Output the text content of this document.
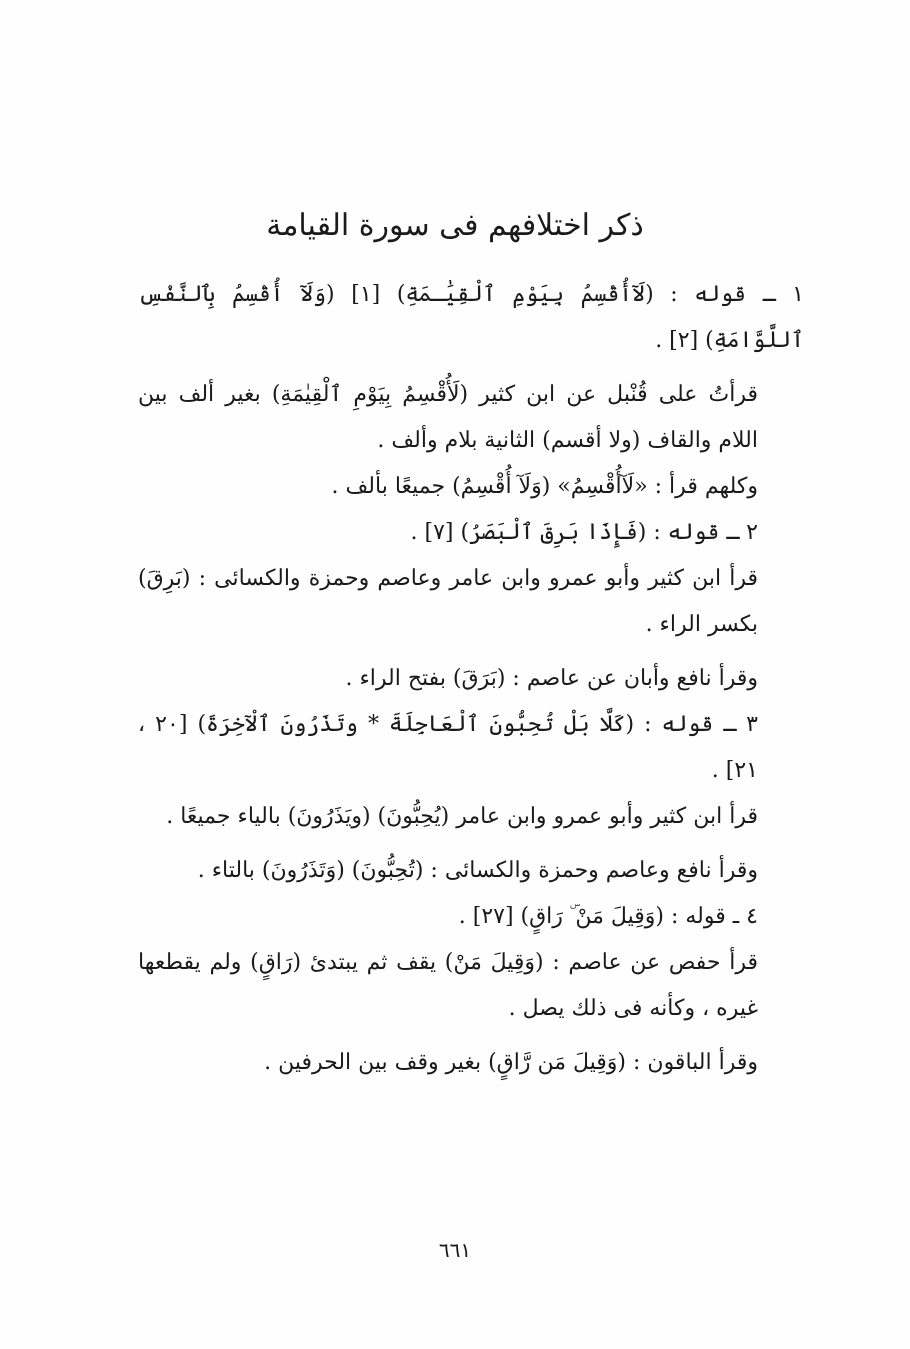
ذكر اختلافهم فى سورة القيامة

١ ـ قوله : (لَآأُقْسِمُ بِيَوْمِ ٱلْقِيَٰـمَةِ) [١] (وَلَآ أُقْسِمُ بِٱلنَّفْسِ ٱللَّوَّامَةِ) [٢] .

قرأتُ على قُنْبل عن ابن كثير (لَأُقْسِمُ بِيَوْمِ ٱلْقِيٰمَةِ) بغير ألف بين اللام والقاف (ولا أقسم) الثانية بلام وألف .

وكلهم قرأ : «لَآأُقْسِمُ» (وَلَآ أُقْسِمُ) جميعًا بألف .

٢ ـ قوله : (فَإِذَا بَرِقَ ٱلْبَصَرُ) [٧] .

قرأ ابن كثير وأبو عمرو وابن عامر وعاصم وحمزة والكسائى : (بَرِقَ) بكسر الراء .

وقرأ نافع وأبان عن عاصم : (بَرَقَ) بفتح الراء .

٣ ـ قوله : (كَلَّا بَلْ تُحِبُّونَ ٱلْعَاجِلَةَ * وتَذَرُونَ ٱلْآخِرَةَ) [٢٠ ، ٢١] .

قرأ ابن كثير وأبو عمرو وابن عامر (يُحِبُّونَ) (ويَذَرُونَ) بالياء جميعًا .

وقرأ نافع وعاصم وحمزة والكسائى : (تُحِبُّونَ) (وَتَذَرُونَ) بالتاء .

٤ ـ قوله : (وَقِيلَ مَنْ ۜ رَاقٍ) [٢٧] .

قرأ حفص عن عاصم : (وَقِيلَ مَنْ) يقف ثم يبتدئ (رَاقٍ) ولم يقطعها غيره ، وكأنه فى ذلك يصل .

وقرأ الباقون : (وَقِيلَ مَن رَّاقٍ) بغير وقف بين الحرفين .

٦٦١
